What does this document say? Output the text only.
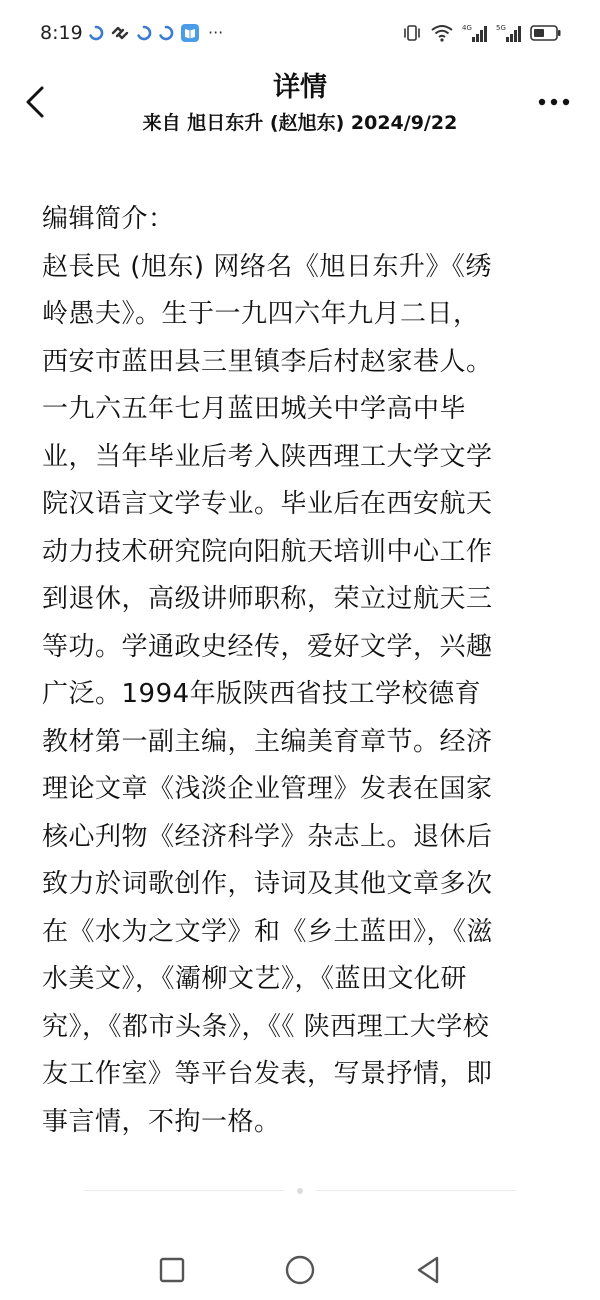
8:19	···	4G	5G
详情
来自 旭日东升 (赵旭东) 2024/9/22

编辑简介：
赵長民 (旭东) 网络名《旭日东升》《绣
岭愚夫》。生于一九四六年九月二日，
西安市蓝田县三里镇李后村赵家巷人。
一九六五年七月蓝田城关中学高中毕
业，当年毕业后考入陕西理工大学文学
院汉语言文学专业。毕业后在西安航天
动力技术研究院向阳航天培训中心工作
到退休，高级讲师职称，荣立过航天三
等功。学通政史经传，爱好文学，兴趣
广泛。1994年版陕西省技工学校德育
教材第一副主编，主编美育章节。经济
理论文章《浅淡企业管理》发表在国家
核心刋物《经济科学》杂志上。退休后
致力於词歌创作，诗词及其他文章多次
在《水为之文学》和《乡土蓝田》，《滋
水美文》，《灞柳文艺》，《蓝田文化研
究》，《都市头条》，《《 陕西理工大学校
友工作室》等平台发表，写景抒情，即
事言情，不拘一格。
